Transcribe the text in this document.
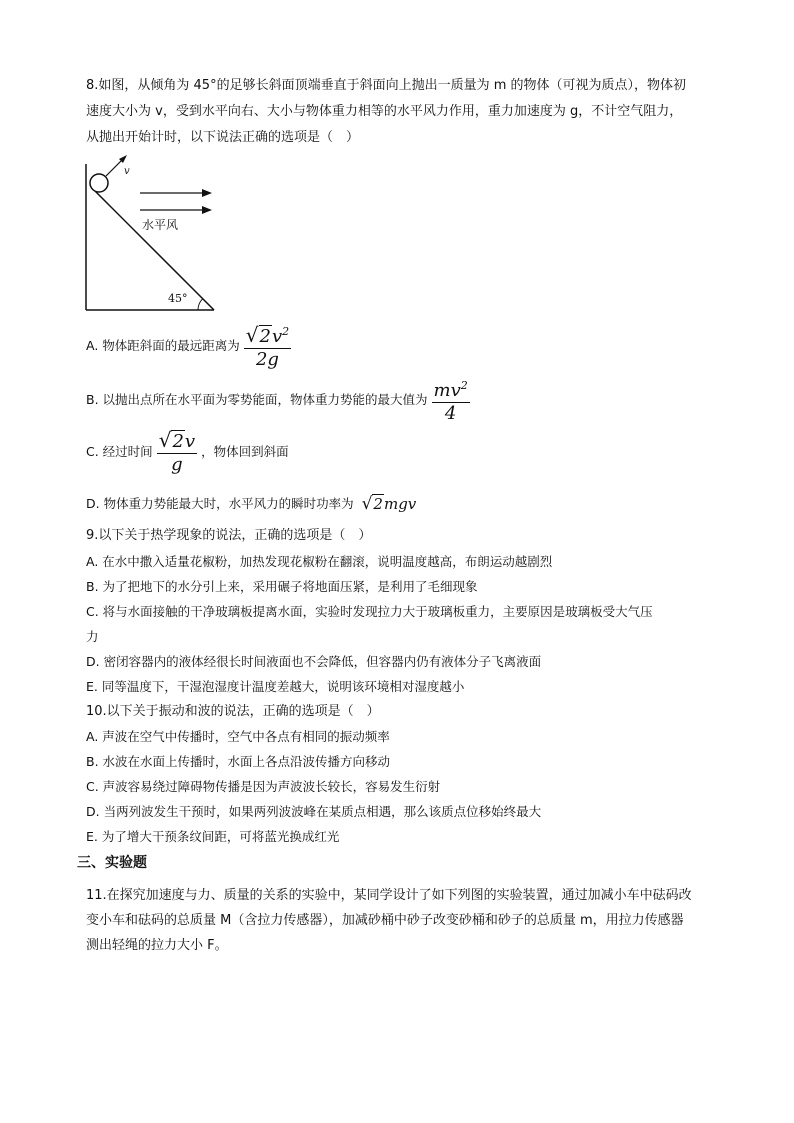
8.如图，从倾角为 45°的足够长斜面顶端垂直于斜面向上抛出一质量为 m 的物体（可视为质点），物体初
速度大小为 v，受到水平向右、大小与物体重力相等的水平风力作用，重力加速度为 g，不计空气阻力，
从抛出开始计时，以下说法正确的选项是（　）
v
水平风
45°
A. 物体距斜面的最远距离为 $\frac{√2v^2}{2g}$
B. 以抛出点所在水平面为零势能面，物体重力势能的最大值为 $\frac{mv^2}{4}$
C. 经过时间 $\frac{√2v}{g}$ ，物体回到斜面
D. 物体重力势能最大时，水平风力的瞬时功率为 √2mgv
9.以下关于热学现象的说法，正确的选项是（　）
A. 在水中撒入适量花椒粉，加热发现花椒粉在翻滚，说明温度越高，布朗运动越剧烈
B. 为了把地下的水分引上来，采用碾子将地面压紧，是利用了毛细现象
C. 将与水面接触的干净玻璃板提离水面，实验时发现拉力大于玻璃板重力，主要原因是玻璃板受大气压
力
D. 密闭容器内的液体经很长时间液面也不会降低，但容器内仍有液体分子飞离液面
E. 同等温度下，干湿泡湿度计温度差越大，说明该环境相对湿度越小
10.以下关于振动和波的说法，正确的选项是（　）
A. 声波在空气中传播时，空气中各点有相同的振动频率
B. 水波在水面上传播时，水面上各点沿波传播方向移动
C. 声波容易绕过障碍物传播是因为声波波长较长，容易发生衍射
D. 当两列波发生干预时，如果两列波波峰在某质点相遇，那么该质点位移始终最大
E. 为了增大干预条纹间距，可将蓝光换成红光
三、实验题
11.在探究加速度与力、质量的关系的实验中，某同学设计了如下列图的实验装置，通过加减小车中砝码改
变小车和砝码的总质量 M（含拉力传感器），加减砂桶中砂子改变砂桶和砂子的总质量 m，用拉力传感器
测出轻绳的拉力大小 F。
